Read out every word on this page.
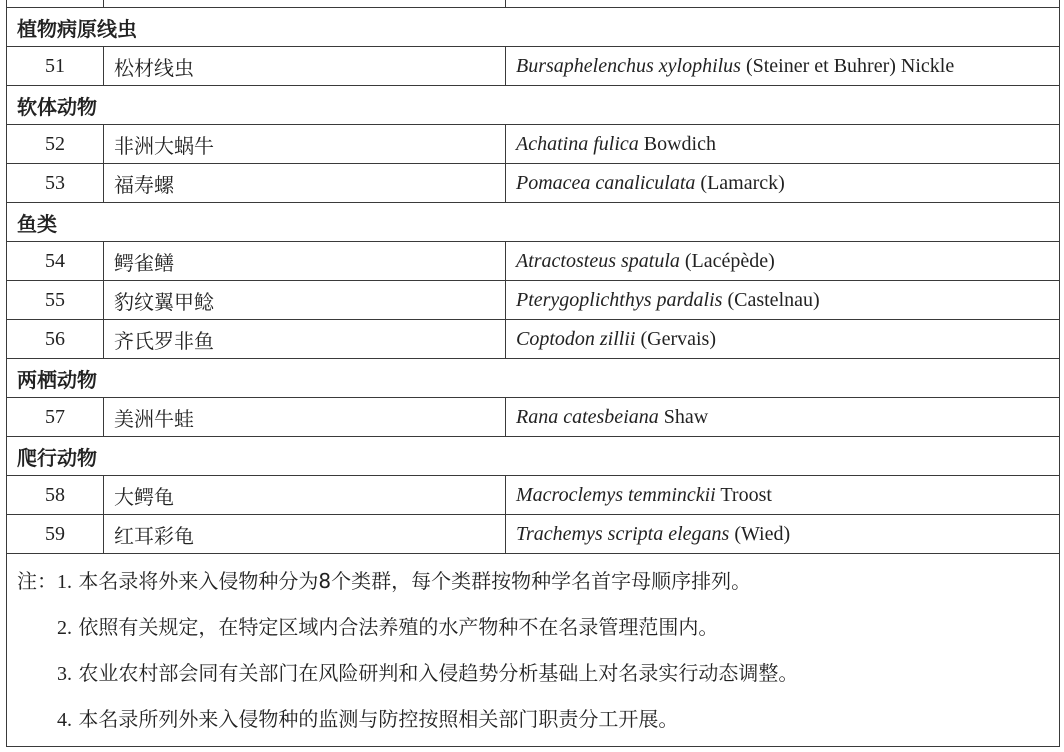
植物病原线虫		
51	松材线虫	Bursaphelenchus xylophilus (Steiner et Buhrer) Nickle
软体动物		
52	非洲大蜗牛	Achatina fulica Bowdich
53	福寿螺	Pomacea canaliculata (Lamarck)
鱼类		
54	鳄雀鳝	Atractosteus spatula (Lacépède)
55	豹纹翼甲鲶	Pterygoplichthys pardalis (Castelnau)
56	齐氏罗非鱼	Coptodon zillii (Gervais)
两栖动物		
57	美洲牛蛙	Rana catesbeiana Shaw
爬行动物		
58	大鳄龟	Macroclemys temminckii Troost
59	红耳彩龟	Trachemys scripta elegans (Wied)

注：1. 本名录将外来入侵物种分为8个类群，每个类群按物种学名首字母顺序排列。
2. 依照有关规定，在特定区域内合法养殖的水产物种不在名录管理范围内。
3. 农业农村部会同有关部门在风险研判和入侵趋势分析基础上对名录实行动态调整。
4. 本名录所列外来入侵物种的监测与防控按照相关部门职责分工开展。		
